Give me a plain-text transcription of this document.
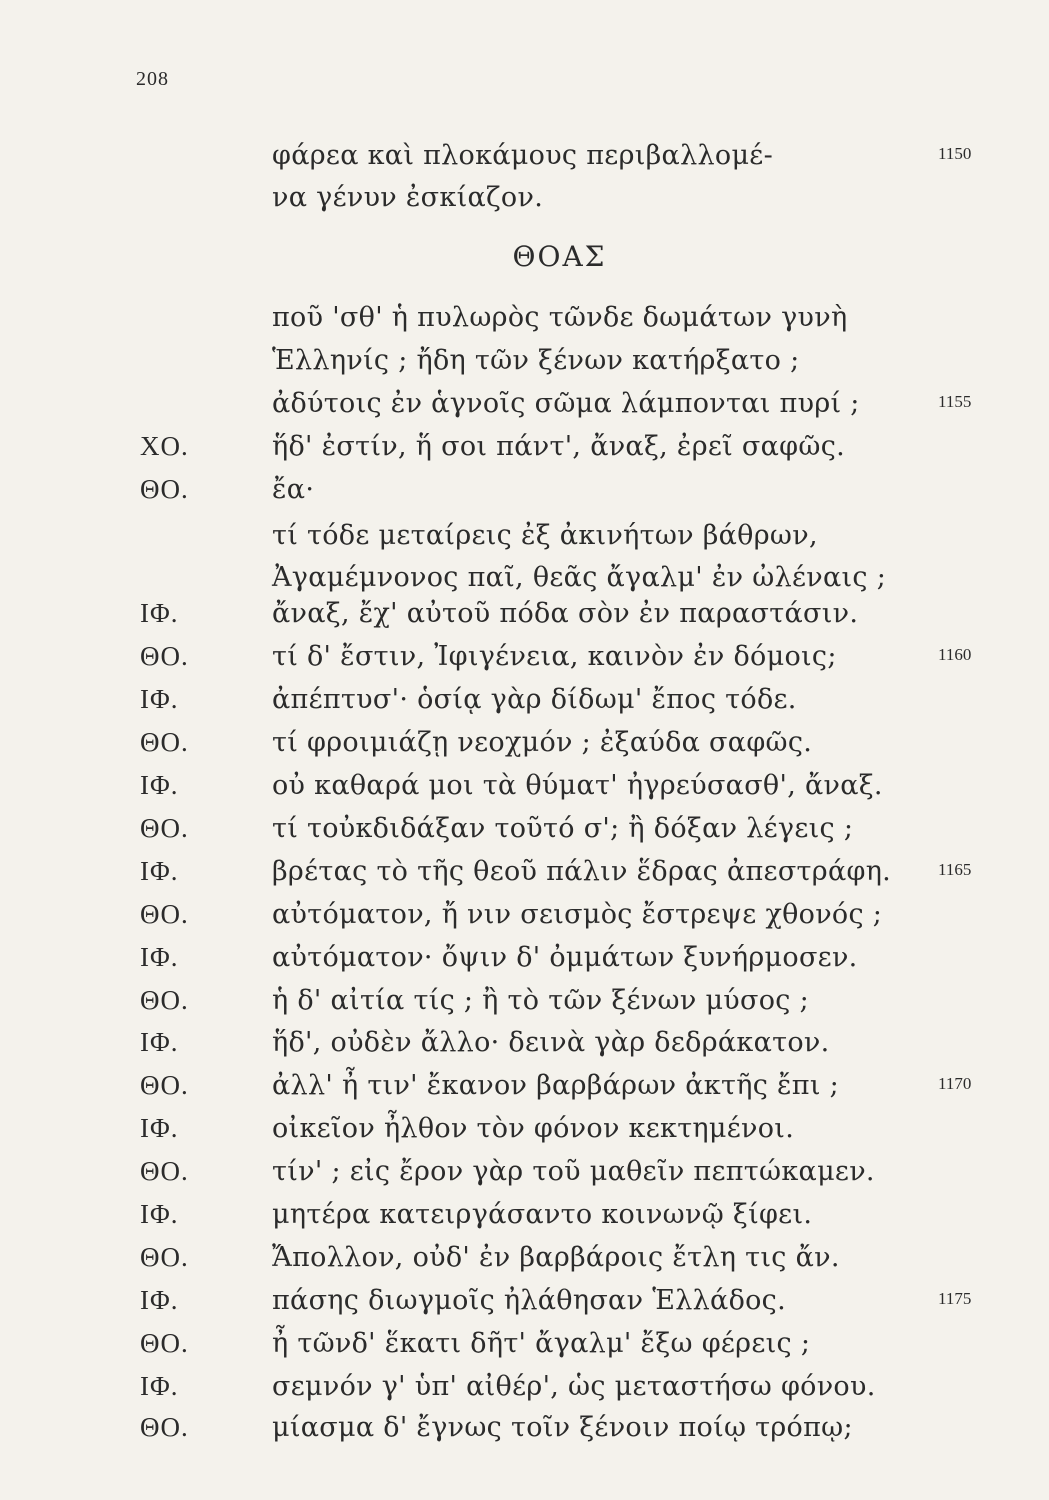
208
ΘΟΑΣ
φάρεα καὶ πλοκάμους περιβαλλομέ-	1150
να γένυν ἐσκίαζον.
ποῦ 'σθ' ἡ πυλωρὸς τῶνδε δωμάτων γυνὴ
Ἑλληνίς ; ἤδη τῶν ξένων κατήρξατο ;
ἀδύτοις ἐν ἁγνοῖς σῶμα λάμπονται πυρί ;	1155
ΧΟ.	ἥδ' ἐστίν, ἥ σοι πάντ', ἄναξ, ἐρεῖ σαφῶς.
ΘΟ.	ἔα·
τί τόδε μεταίρεις ἐξ ἀκινήτων βάθρων,
Ἀγαμέμνονος παῖ, θεᾶς ἄγαλμ' ἐν ὠλέναις ;
ΙΦ.	ἄναξ, ἔχ' αὐτοῦ πόδα σὸν ἐν παραστάσιν.
ΘΟ.	τί δ' ἔστιν, Ἰφιγένεια, καινὸν ἐν δόμοις;	1160
ΙΦ.	ἀπέπτυσ'· ὁσίᾳ γὰρ δίδωμ' ἔπος τόδε.
ΘΟ.	τί φροιμιάζῃ νεοχμόν ; ἐξαύδα σαφῶς.
ΙΦ.	οὐ καθαρά μοι τὰ θύματ' ἠγρεύσασθ', ἄναξ.
ΘΟ.	τί τοὐκδιδάξαν τοῦτό σ'; ἢ δόξαν λέγεις ;
ΙΦ.	βρέτας τὸ τῆς θεοῦ πάλιν ἕδρας ἀπεστράφη.	1165
ΘΟ.	αὐτόματον, ἤ νιν σεισμὸς ἔστρεψε χθονός ;
ΙΦ.	αὐτόματον· ὄψιν δ' ὀμμάτων ξυνήρμοσεν.
ΘΟ.	ἡ δ' αἰτία τίς ; ἢ τὸ τῶν ξένων μύσος ;
ΙΦ.	ἥδ', οὐδὲν ἄλλο· δεινὰ γὰρ δεδράκατον.
ΘΟ.	ἀλλ' ἦ τιν' ἔκανον βαρβάρων ἀκτῆς ἔπι ;	1170
ΙΦ.	οἰκεῖον ἦλθον τὸν φόνον κεκτημένοι.
ΘΟ.	τίν' ; εἰς ἔρον γὰρ τοῦ μαθεῖν πεπτώκαμεν.
ΙΦ.	μητέρα κατειργάσαντο κοινωνῷ ξίφει.
ΘΟ.	Ἄπολλον, οὐδ' ἐν βαρβάροις ἔτλη τις ἄν.
ΙΦ.	πάσης διωγμοῖς ἠλάθησαν Ἑλλάδος.	1175
ΘΟ.	ἦ τῶνδ' ἕκατι δῆτ' ἄγαλμ' ἔξω φέρεις ;
ΙΦ.	σεμνόν γ' ὑπ' αἰθέρ', ὡς μεταστήσω φόνου.
ΘΟ.	μίασμα δ' ἔγνως τοῖν ξένοιν ποίῳ τρόπῳ;
